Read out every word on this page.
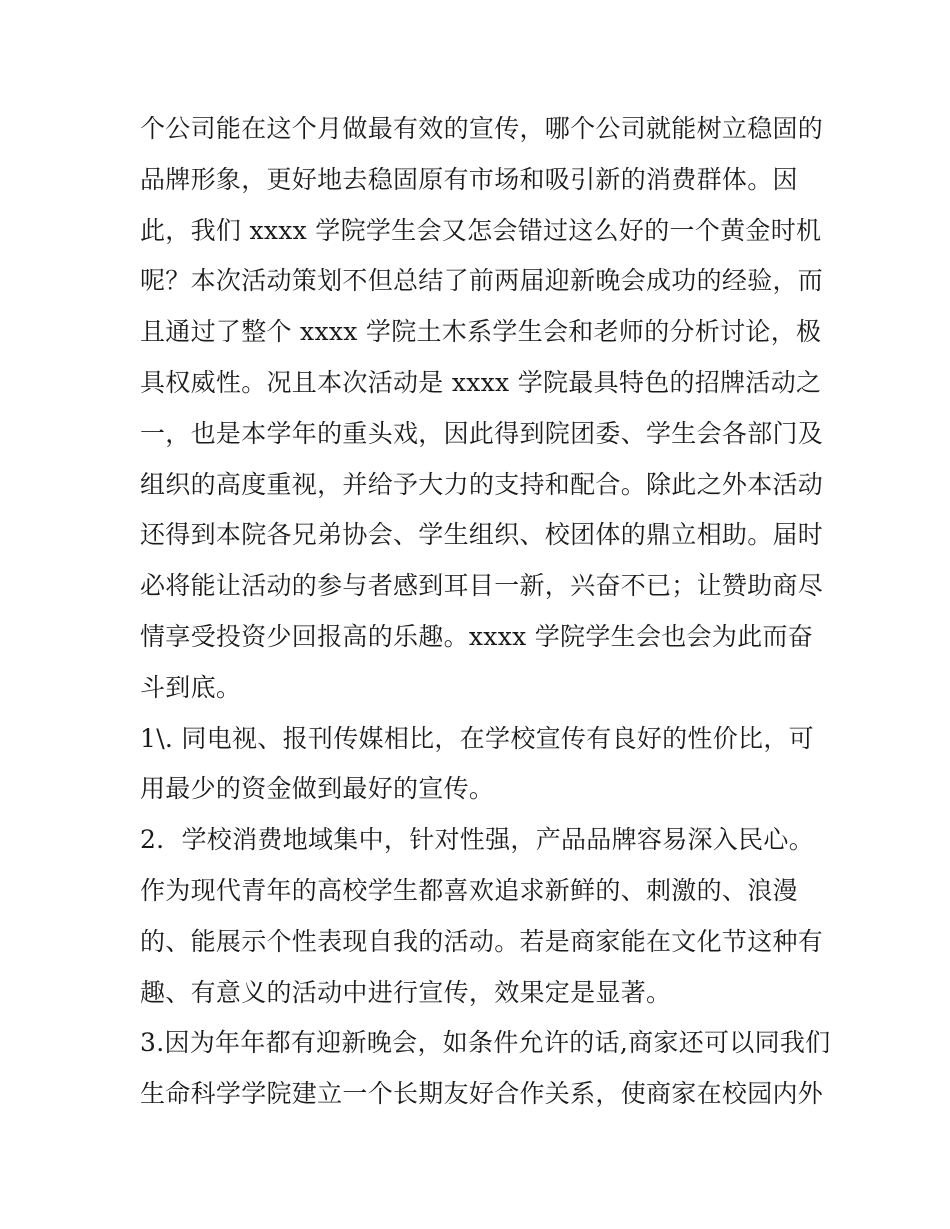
个公司能在这个月做最有效的宣传，哪个公司就能树立稳固的
品牌形象，更好地去稳固原有市场和吸引新的消费群体。因
此，我们 xxxx 学院学生会又怎会错过这么好的一个黄金时机
呢？本次活动策划不但总结了前两届迎新晚会成功的经验，而
且通过了整个 xxxx 学院土木系学生会和老师的分析讨论，极
具权威性。况且本次活动是 xxxx 学院最具特色的招牌活动之
一，也是本学年的重头戏，因此得到院团委、学生会各部门及
组织的高度重视，并给予大力的支持和配合。除此之外本活动
还得到本院各兄弟协会、学生组织、校团体的鼎立相助。届时
必将能让活动的参与者感到耳目一新，兴奋不已；让赞助商尽
情享受投资少回报高的乐趣。xxxx 学院学生会也会为此而奋
斗到底。
1\. 同电视、报刊传媒相比，在学校宣传有良好的性价比，可
用最少的资金做到最好的宣传。
2．学校消费地域集中，针对性强，产品品牌容易深入民心。
作为现代青年的高校学生都喜欢追求新鲜的、刺激的、浪漫
的、能展示个性表现自我的活动。若是商家能在文化节这种有
趣、有意义的活动中进行宣传，效果定是显著。
3.因为年年都有迎新晚会，如条件允许的话,商家还可以同我们
生命科学学院建立一个长期友好合作关系，使商家在校园内外
